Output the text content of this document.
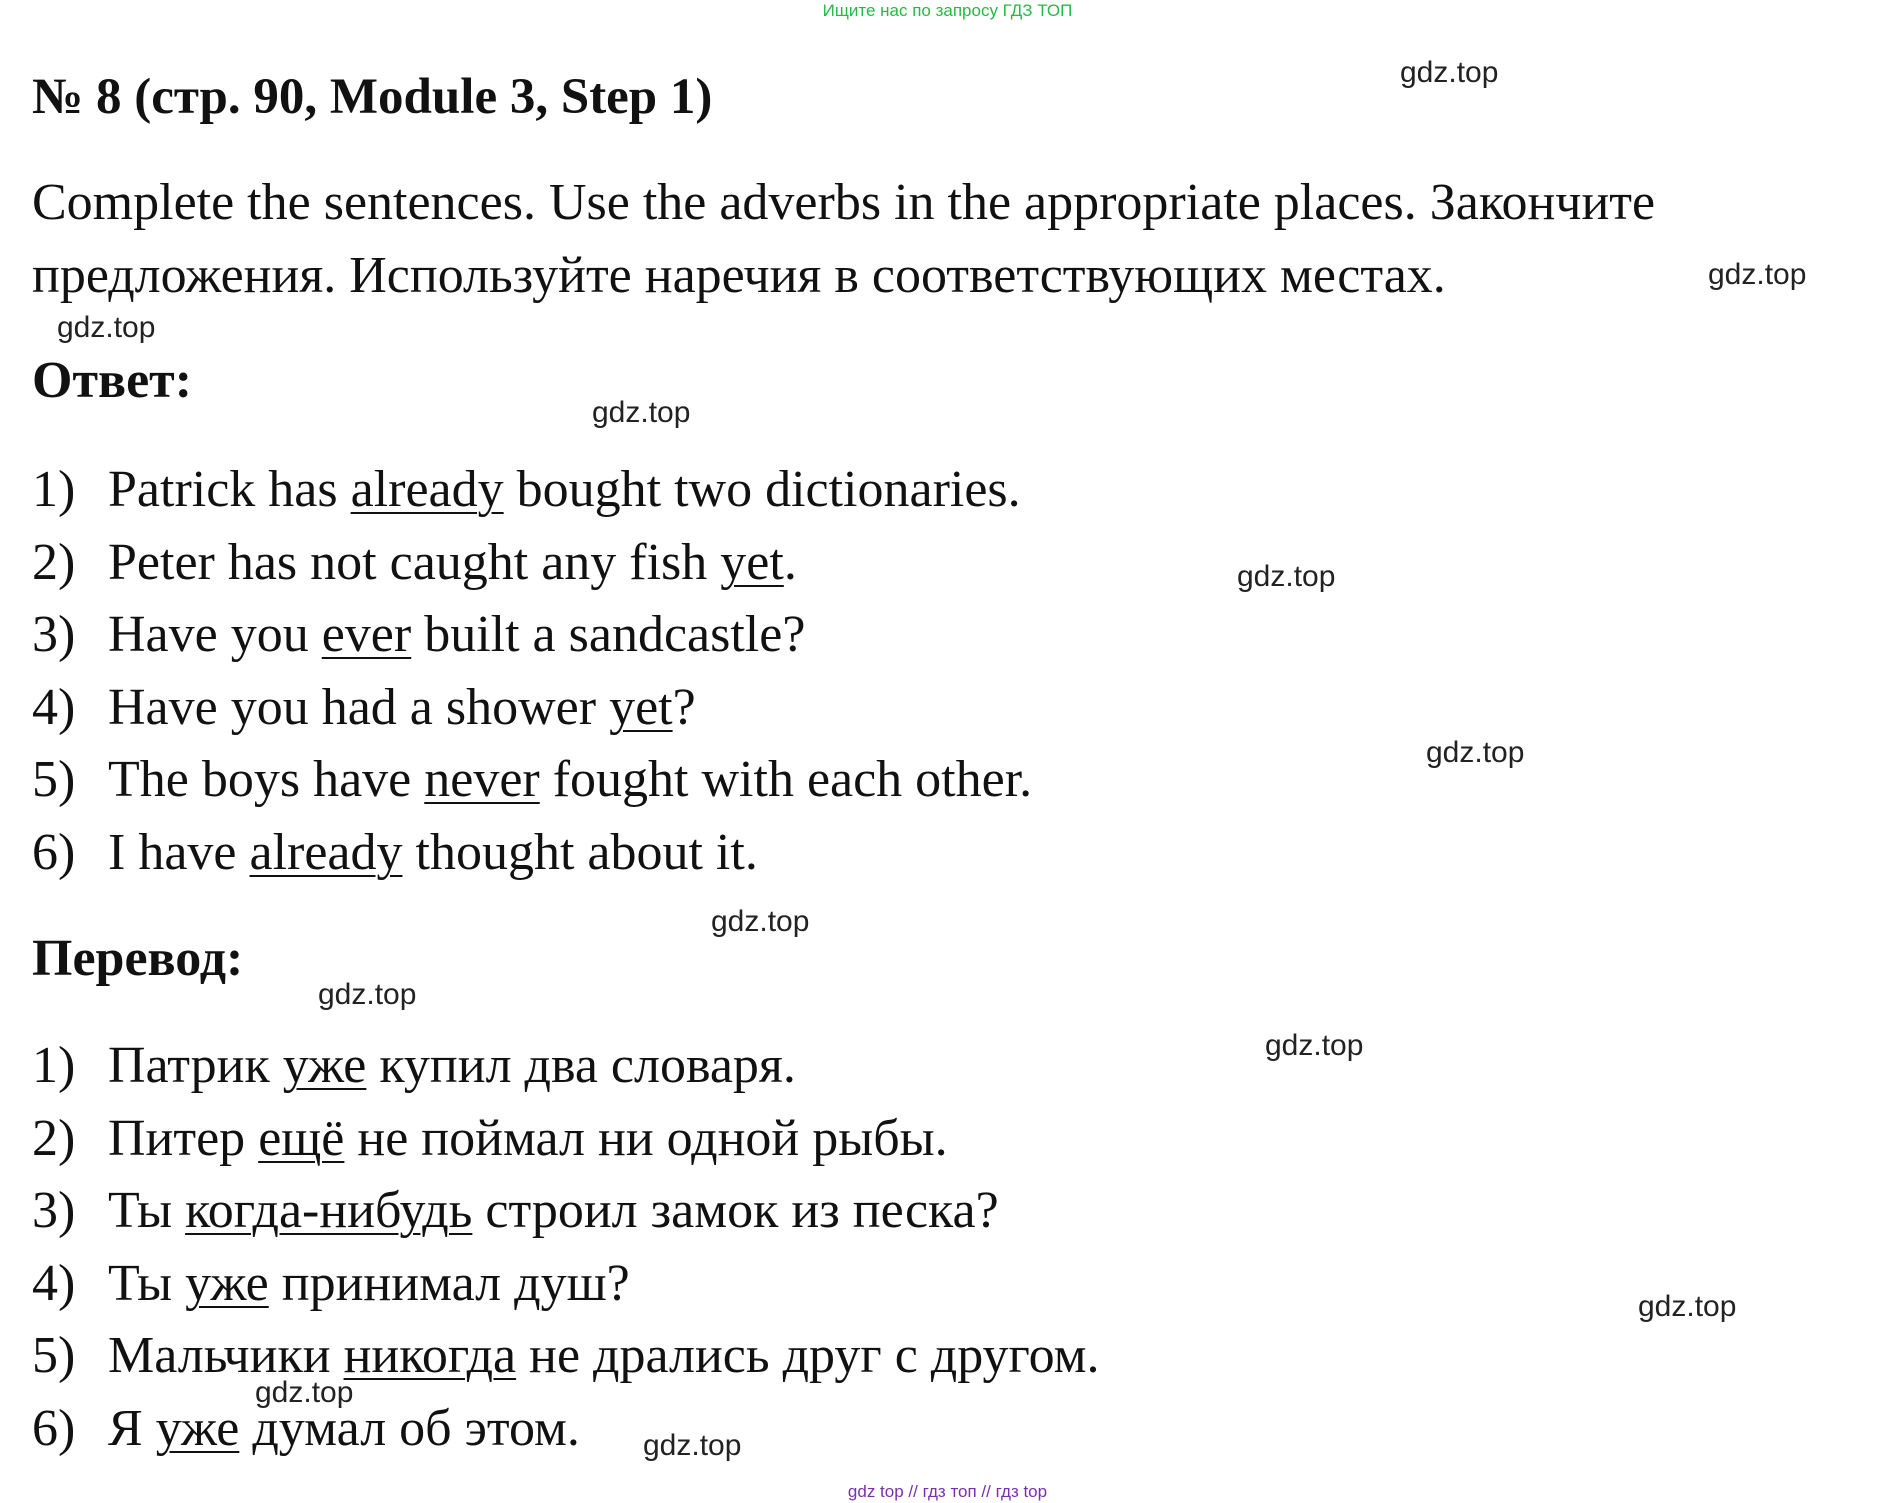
Ищите нас по запросу ГДЗ ТОП
№ 8 (стр. 90, Module 3, Step 1)

Complete the sentences. Use the adverbs in the appropriate places. Закончите предложения. Используйте наречия в соответствующих местах.

Ответ:
1) Patrick has already bought two dictionaries.
2) Peter has not caught any fish yet .
3) Have you ever built a sandcastle?
4) Have you had a shower yet ?
5) The boys have never fought with each other.
6) I have already thought about it.
Перевод:
1) Патрик уже купил два словаря.
2) Питер ещё не поймал ни одной рыбы.
3) Ты когда-нибудь строил замок из песка?
4) Ты уже принимал душ?
5) Мальчики никогда не дрались друг с другом.
6) Я уже думал об этом.
gdz.top
gdz.top
gdz.top
gdz.top
gdz.top
gdz.top
gdz.top
gdz.top
gdz.top
gdz.top
gdz.top
gdz.top
gdz top // гдз топ // гдз top
